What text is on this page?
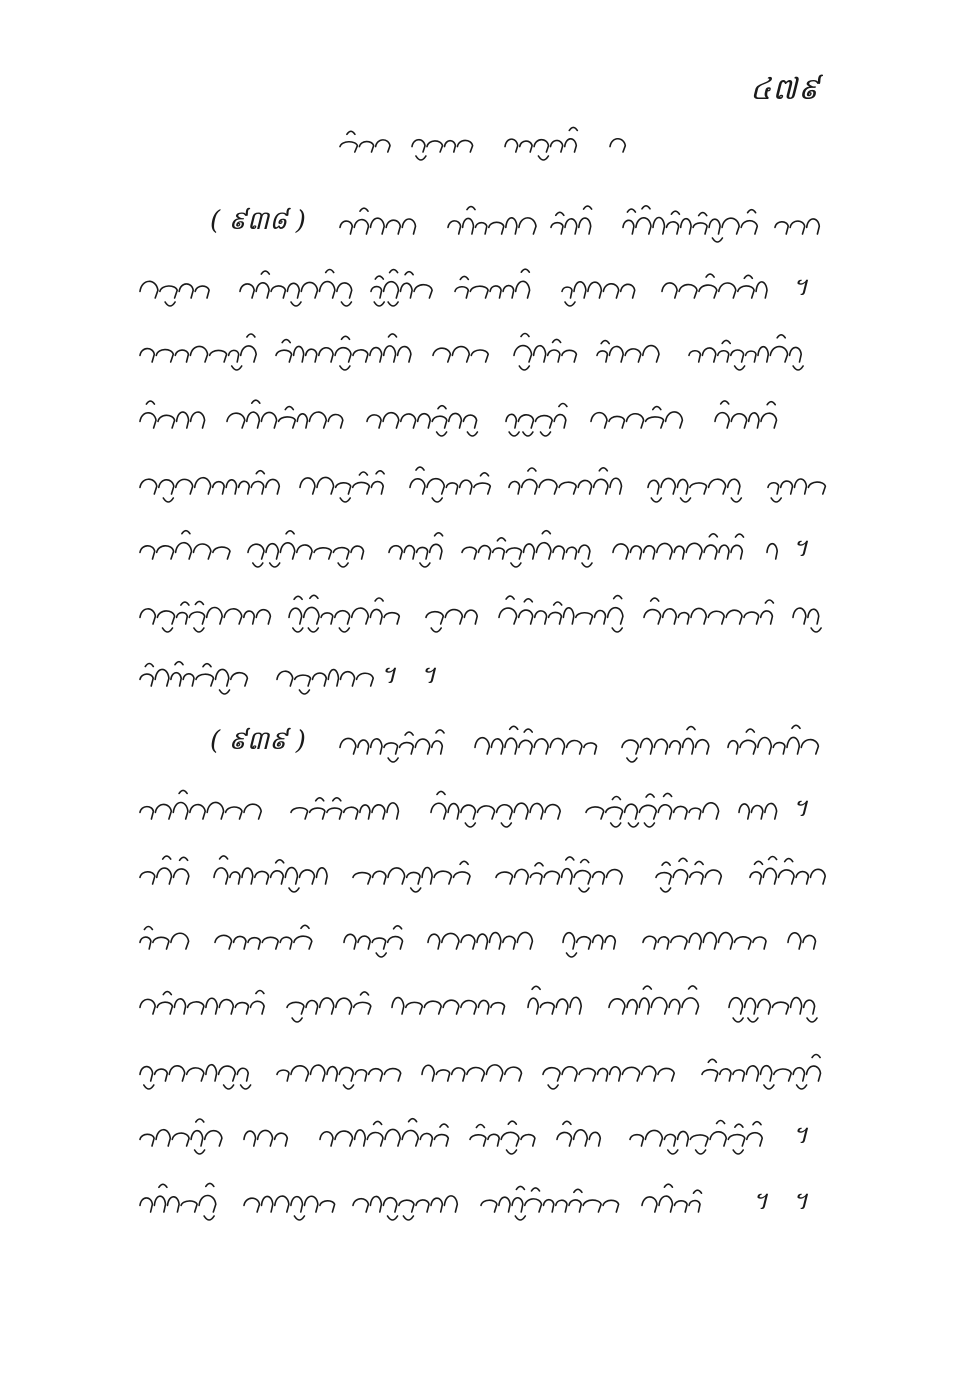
៤៧៩
( ៩៣៨ )
។
។
។ ។
( ៩៣៩ )
។
។
។ ។
